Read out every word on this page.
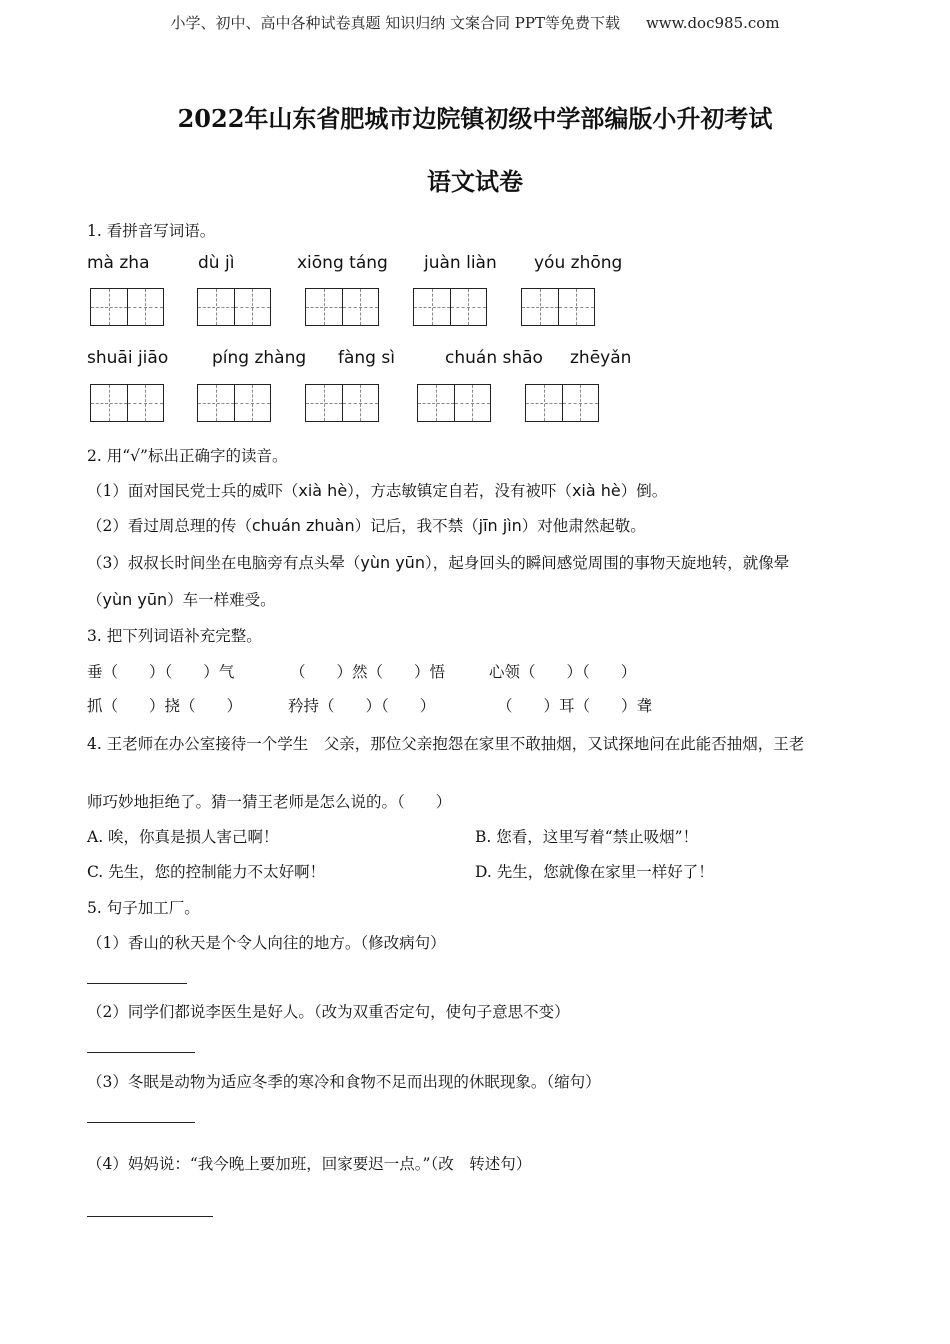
小学、初中、高中各种试卷真题 知识归纳 文案合同 PPT等免费下载 www.doc985.com
2022年山东省肥城市边院镇初级中学部编版小升初考试
语文试卷
1. 看拼音写词语。
mà zha	dù jì	xiōng táng juàn liàn yóu zhōng
shuāi jiāo	píng zhàng fàng sì	chuán shāo zhēyǎn
2. 用“√”标出正确字的读音。
（1）面对国民党士兵的威吓（xià hè），方志敏镇定自若，没有被吓（xià hè）倒。
（2）看过周总理的传（chuán zhuàn）记后，我不禁（jīn jìn）对他肃然起敬。
（3）叔叔长时间坐在电脑旁有点头晕（yùn yūn），起身回头的瞬间感觉周围的事物天旋地转，就像晕
（yùn yūn）车一样难受。
3. 把下列词语补充完整。
垂（　　）（　　）气	（　　）然（　　）悟	心领（　　）（　　）
抓（　　）挠（　　）	矜持（　　）（　　）	（　　）耳（　　）聋
4. 王老师在办公室接待一个学生　父亲，那位父亲抱怨在家里不敢抽烟，又试探地问在此能否抽烟，王老
师巧妙地拒绝了。猜一猜王老师是怎么说的。（　　）
A. 唉，你真是损人害己啊！	B. 您看，这里写着“禁止吸烟”！
C. 先生，您的控制能力不太好啊！	D. 先生，您就像在家里一样好了！
5. 句子加工厂。
（1）香山的秋天是个令人向往的地方。（修改病句）
（2）同学们都说李医生是好人。（改为双重否定句，使句子意思不变）
（3）冬眠是动物为适应冬季的寒冷和食物不足而出现的休眠现象。（缩句）
（4）妈妈说：“我今晚上要加班，回家要迟一点。”（改　转述句）
